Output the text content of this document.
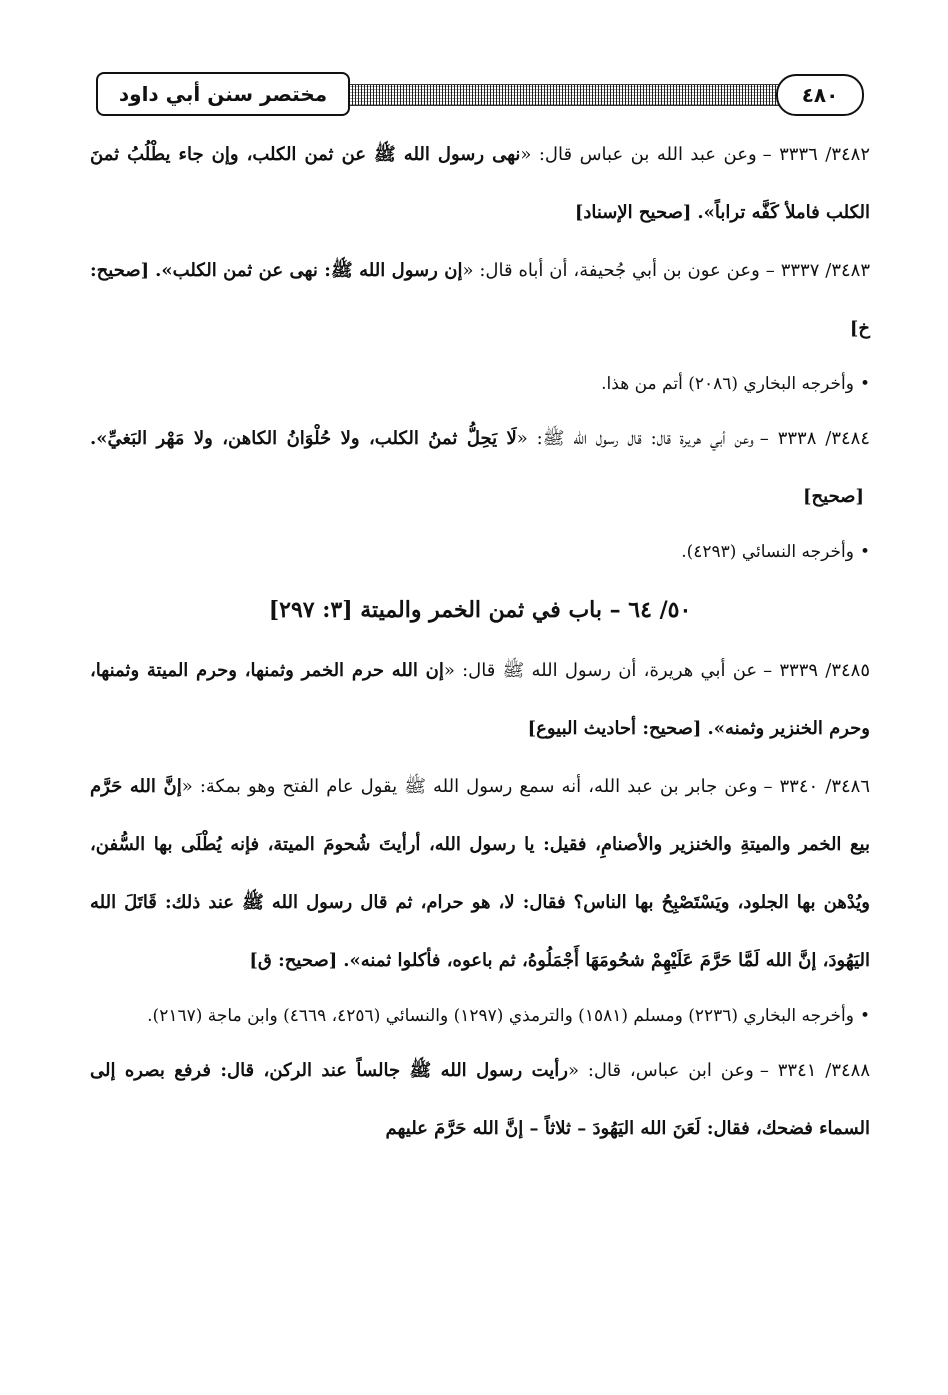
مختصر سنن أبي داود	٤٨٠

٣٤٨٢/ ٣٣٣٦ –وعن عبد الله بن عباس قال: «نهى رسول الله ﷺ عن ثمن الكلب، وإن جاء يطْلُبُ ثمنَ الكلب فاملأ كَفَّه تراباً».[صحيح الإسناد]

٣٤٨٣/ ٣٣٣٧ –وعن عون بن أبي جُحيفة، أن أباه قال: «إن رسول الله ﷺ: نهى عن ثمن الكلب».[صحيح: خ]

•وأخرجه البخاري (٢٠٨٦) أتم من هذا.

٣٤٨٤/ ٣٣٣٨ –وعن أبي هريرة قال: قال رسول الله ﷺ: «لَا يَحِلُّ ثمنُ الكلب، ولا حُلْوَانُ الكاهن، ولا مَهْر البَغيِّ».[صحيح]

•وأخرجه النسائي (٤٢٩٣).

٥٠/ ٦٤ – باب في ثمن الخمر والميتة [٣: ٢٩٧]

٣٤٨٥/ ٣٣٣٩ –عن أبي هريرة، أن رسول الله ﷺ قال: «إن الله حرم الخمر وثمنها، وحرم الميتة وثمنها، وحرم الخنزير وثمنه».[صحيح: أحاديث البيوع]

٣٤٨٦/ ٣٣٤٠ –وعن جابر بن عبد الله، أنه سمع رسول الله ﷺ يقول عام الفتح وهو بمكة: «إنَّ الله حَرَّم بيع الخمر والميتةِ والخنزير والأصنامِ، فقيل: يا رسول الله، أرأيتَ شُحومَ الميتة، فإنه يُطْلَى بها السُّفن، ويُدْهن بها الجلود، ويَسْتَصْبِحُ بها الناس؟ فقال: لا، هو حرام، ثم قال رسول الله ﷺ عند ذلك: قَاتَلَ الله اليَهُودَ، إنَّ الله لَمَّا حَرَّمَ عَلَيْهِمْ شحُومَهَا أَجْمَلُوهُ، ثم باعوه، فأكلوا ثمنه».[صحيح: ق]

•وأخرجه البخاري (٢٢٣٦) ومسلم (١٥٨١) والترمذي (١٢٩٧) والنسائي (٤٢٥٦، ٤٦٦٩) وابن ماجة (٢١٦٧).

٣٤٨٨/ ٣٣٤١ –وعن ابن عباس، قال: «رأيت رسول الله ﷺ جالساً عند الركن، قال: فرفع بصره إلى السماء فضحك، فقال: لَعَنَ الله اليَهُودَ – ثلاثاً – إنَّ الله حَرَّمَ عليهم
